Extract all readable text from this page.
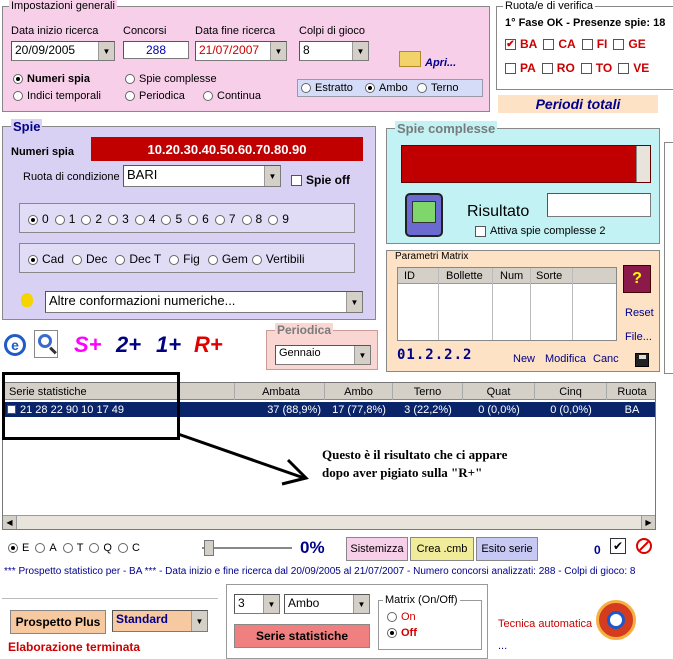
Impostazioni generali
Data inizio ricerca
20/09/2005	▼
Concorsi
288
Data fine ricerca
21/07/2007	▼
Colpi di gioco
8	▼
Apri...
Numeri spia	Spie complesse
Indici temporali	Periodica	Continua
Estratto	Ambo	Terno
Ruota/e di verifica
1° Fase OK - Presenze spie: 18
✔ BA CA FI GE
PA RO TO VE
Periodi totali
Spie
Numeri spia	10.20.30.40.50.60.70.80.90
Ruota di condizione BARI	▼	Spie off
0 1 2 3 4 5 6 7 8 9
Cad Dec Dec T Fig Gem Vertibili
Altre conformazioni numeriche...	▼
Spie complesse
Risultato
Attiva spie complesse 2
Parametri Matrix
ID	Bollette Num Sorte	?
Reset
File...
01.2.2.2	New Modifica Canc
e	S+ 2+ 1+ R+
Periodica
Gennaio	▼
Serie statistiche	Ambata	Ambo	Terno	Quat	Cinq	Ruota
21 28 22 90 10 17 49	37 (88,9%)	17 (77,8%)	3 (22,2%)	0 (0,0%)	0 (0,0%)	BA
◀	▶
Questo è il risultato che ci appare
dopo aver pigiato sulla "R+"
E A T Q C	0%	Sistemizza	Crea .cmb	Esito serie	0 ✔
*** Prospetto statistico per - BA *** - Data inizio e fine ricerca dal 20/09/2005 al 21/07/2007 - Numero concorsi analizzati: 288 - Colpi di gioco: 8
Prospetto Plus	Standard	▼
Elaborazione terminata
3	▼	Ambo	▼
Serie statistiche
Matrix (On/Off)
On
Off
Tecnica automatica
...
